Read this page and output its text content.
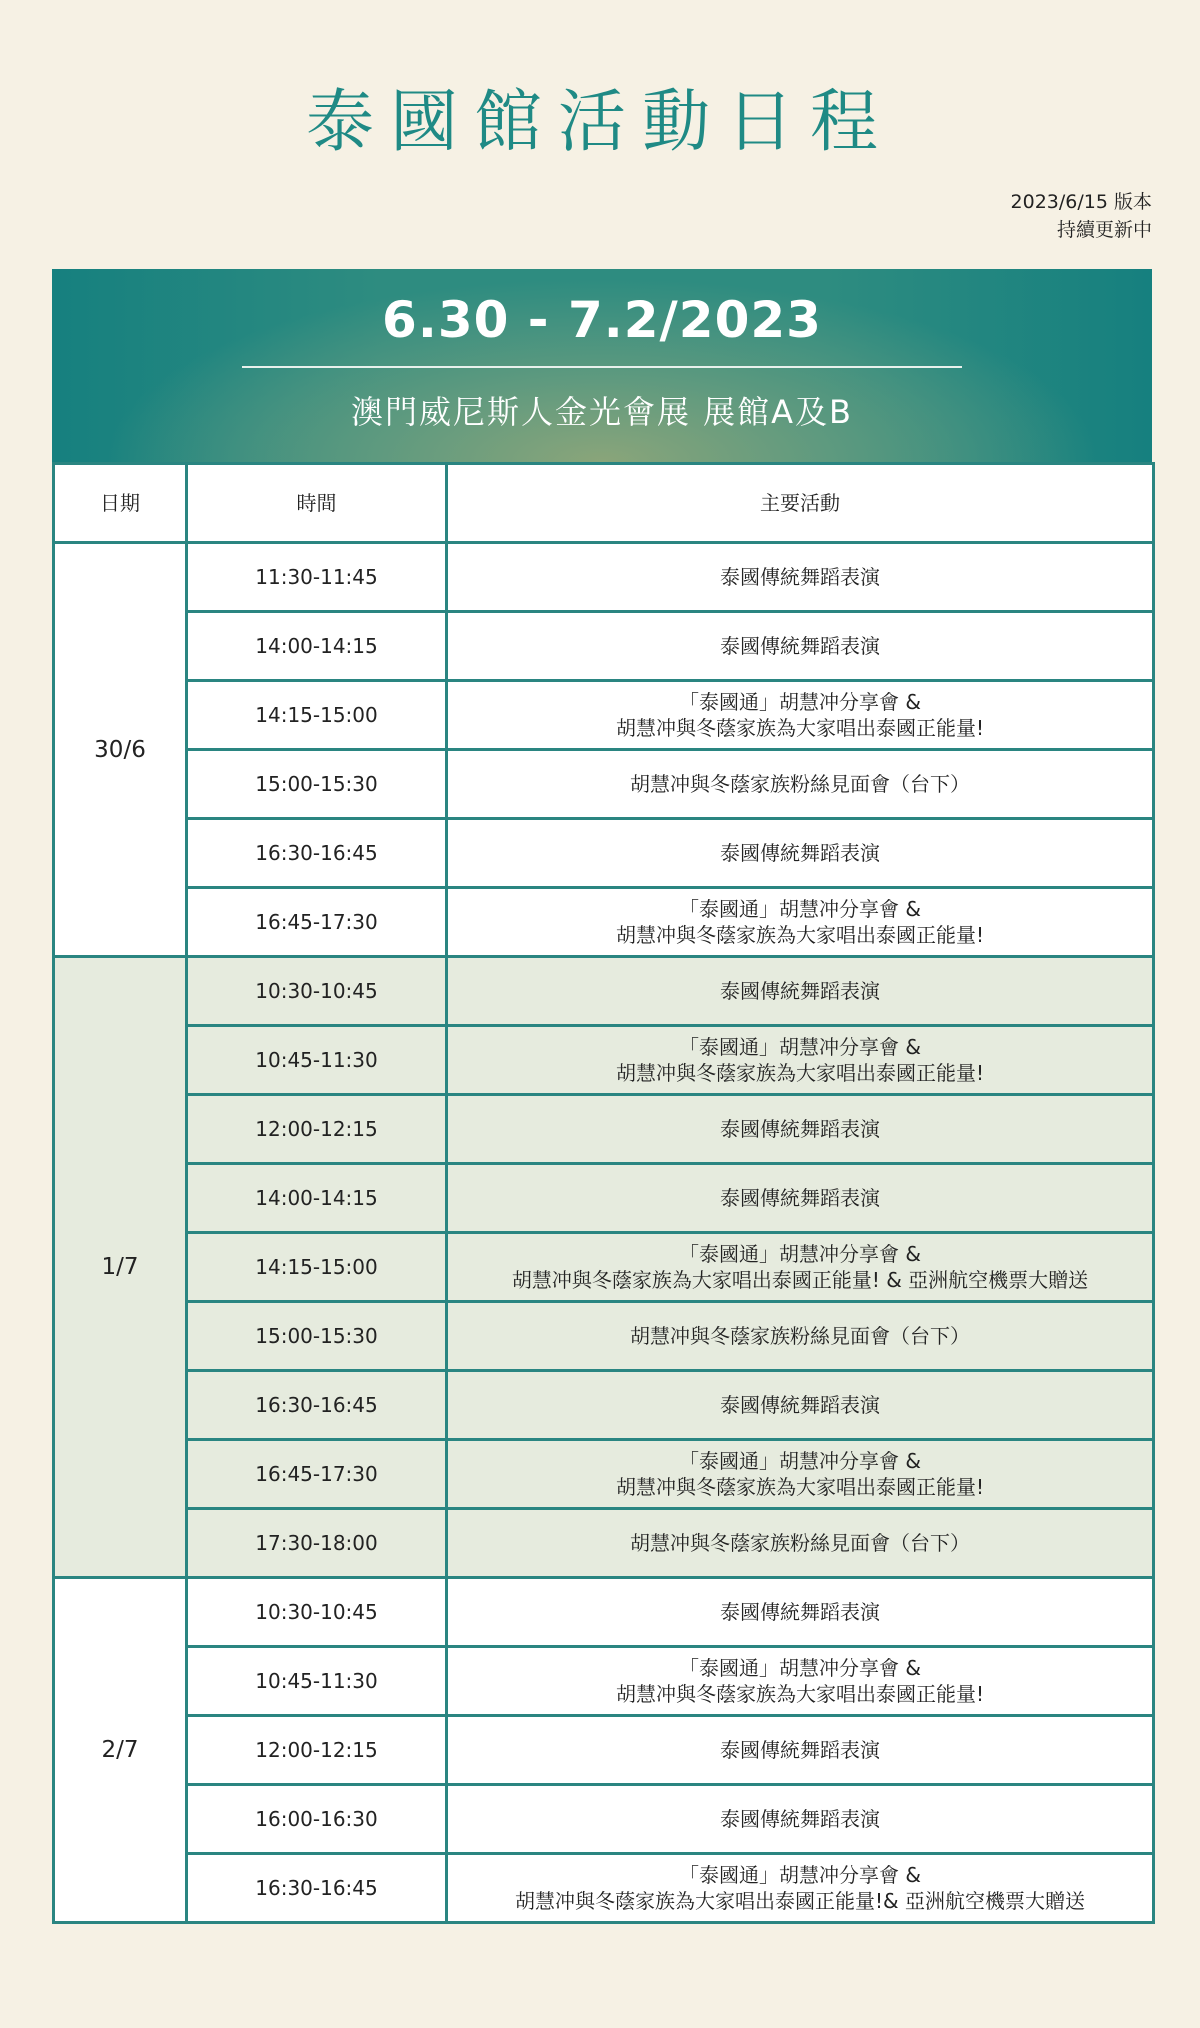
泰國館活動日程
2023/6/15 版本
持續更新中
6.30 - 7.2/2023
澳門威尼斯人金光會展 展館A及B
日期	時間	主要活動
30/6	11:30-11:45	泰國傳統舞蹈表演

	14:00-14:15	泰國傳統舞蹈表演

	14:15-15:00	「泰國通」胡慧冲分享會 &
胡慧冲與冬蔭家族為大家唱出泰國正能量!

	15:00-15:30	胡慧冲與冬蔭家族粉絲見面會（台下）

	16:30-16:45	泰國傳統舞蹈表演

	16:45-17:30	「泰國通」胡慧冲分享會 &
胡慧冲與冬蔭家族為大家唱出泰國正能量!

1/7	10:30-10:45	泰國傳統舞蹈表演

	10:45-11:30	「泰國通」胡慧冲分享會 &
胡慧冲與冬蔭家族為大家唱出泰國正能量!

	12:00-12:15	泰國傳統舞蹈表演

	14:00-14:15	泰國傳統舞蹈表演

	14:15-15:00	「泰國通」胡慧冲分享會 &
胡慧冲與冬蔭家族為大家唱出泰國正能量! & 亞洲航空機票大贈送

	15:00-15:30	胡慧冲與冬蔭家族粉絲見面會（台下）

	16:30-16:45	泰國傳統舞蹈表演

	16:45-17:30	「泰國通」胡慧冲分享會 &
胡慧冲與冬蔭家族為大家唱出泰國正能量!

	17:30-18:00	胡慧冲與冬蔭家族粉絲見面會（台下）

2/7	10:30-10:45	泰國傳統舞蹈表演

	10:45-11:30	「泰國通」胡慧冲分享會 &
胡慧冲與冬蔭家族為大家唱出泰國正能量!

	12:00-12:15	泰國傳統舞蹈表演

	16:00-16:30	泰國傳統舞蹈表演

	16:30-16:45	「泰國通」胡慧冲分享會 &
胡慧冲與冬蔭家族為大家唱出泰國正能量!& 亞洲航空機票大贈送
